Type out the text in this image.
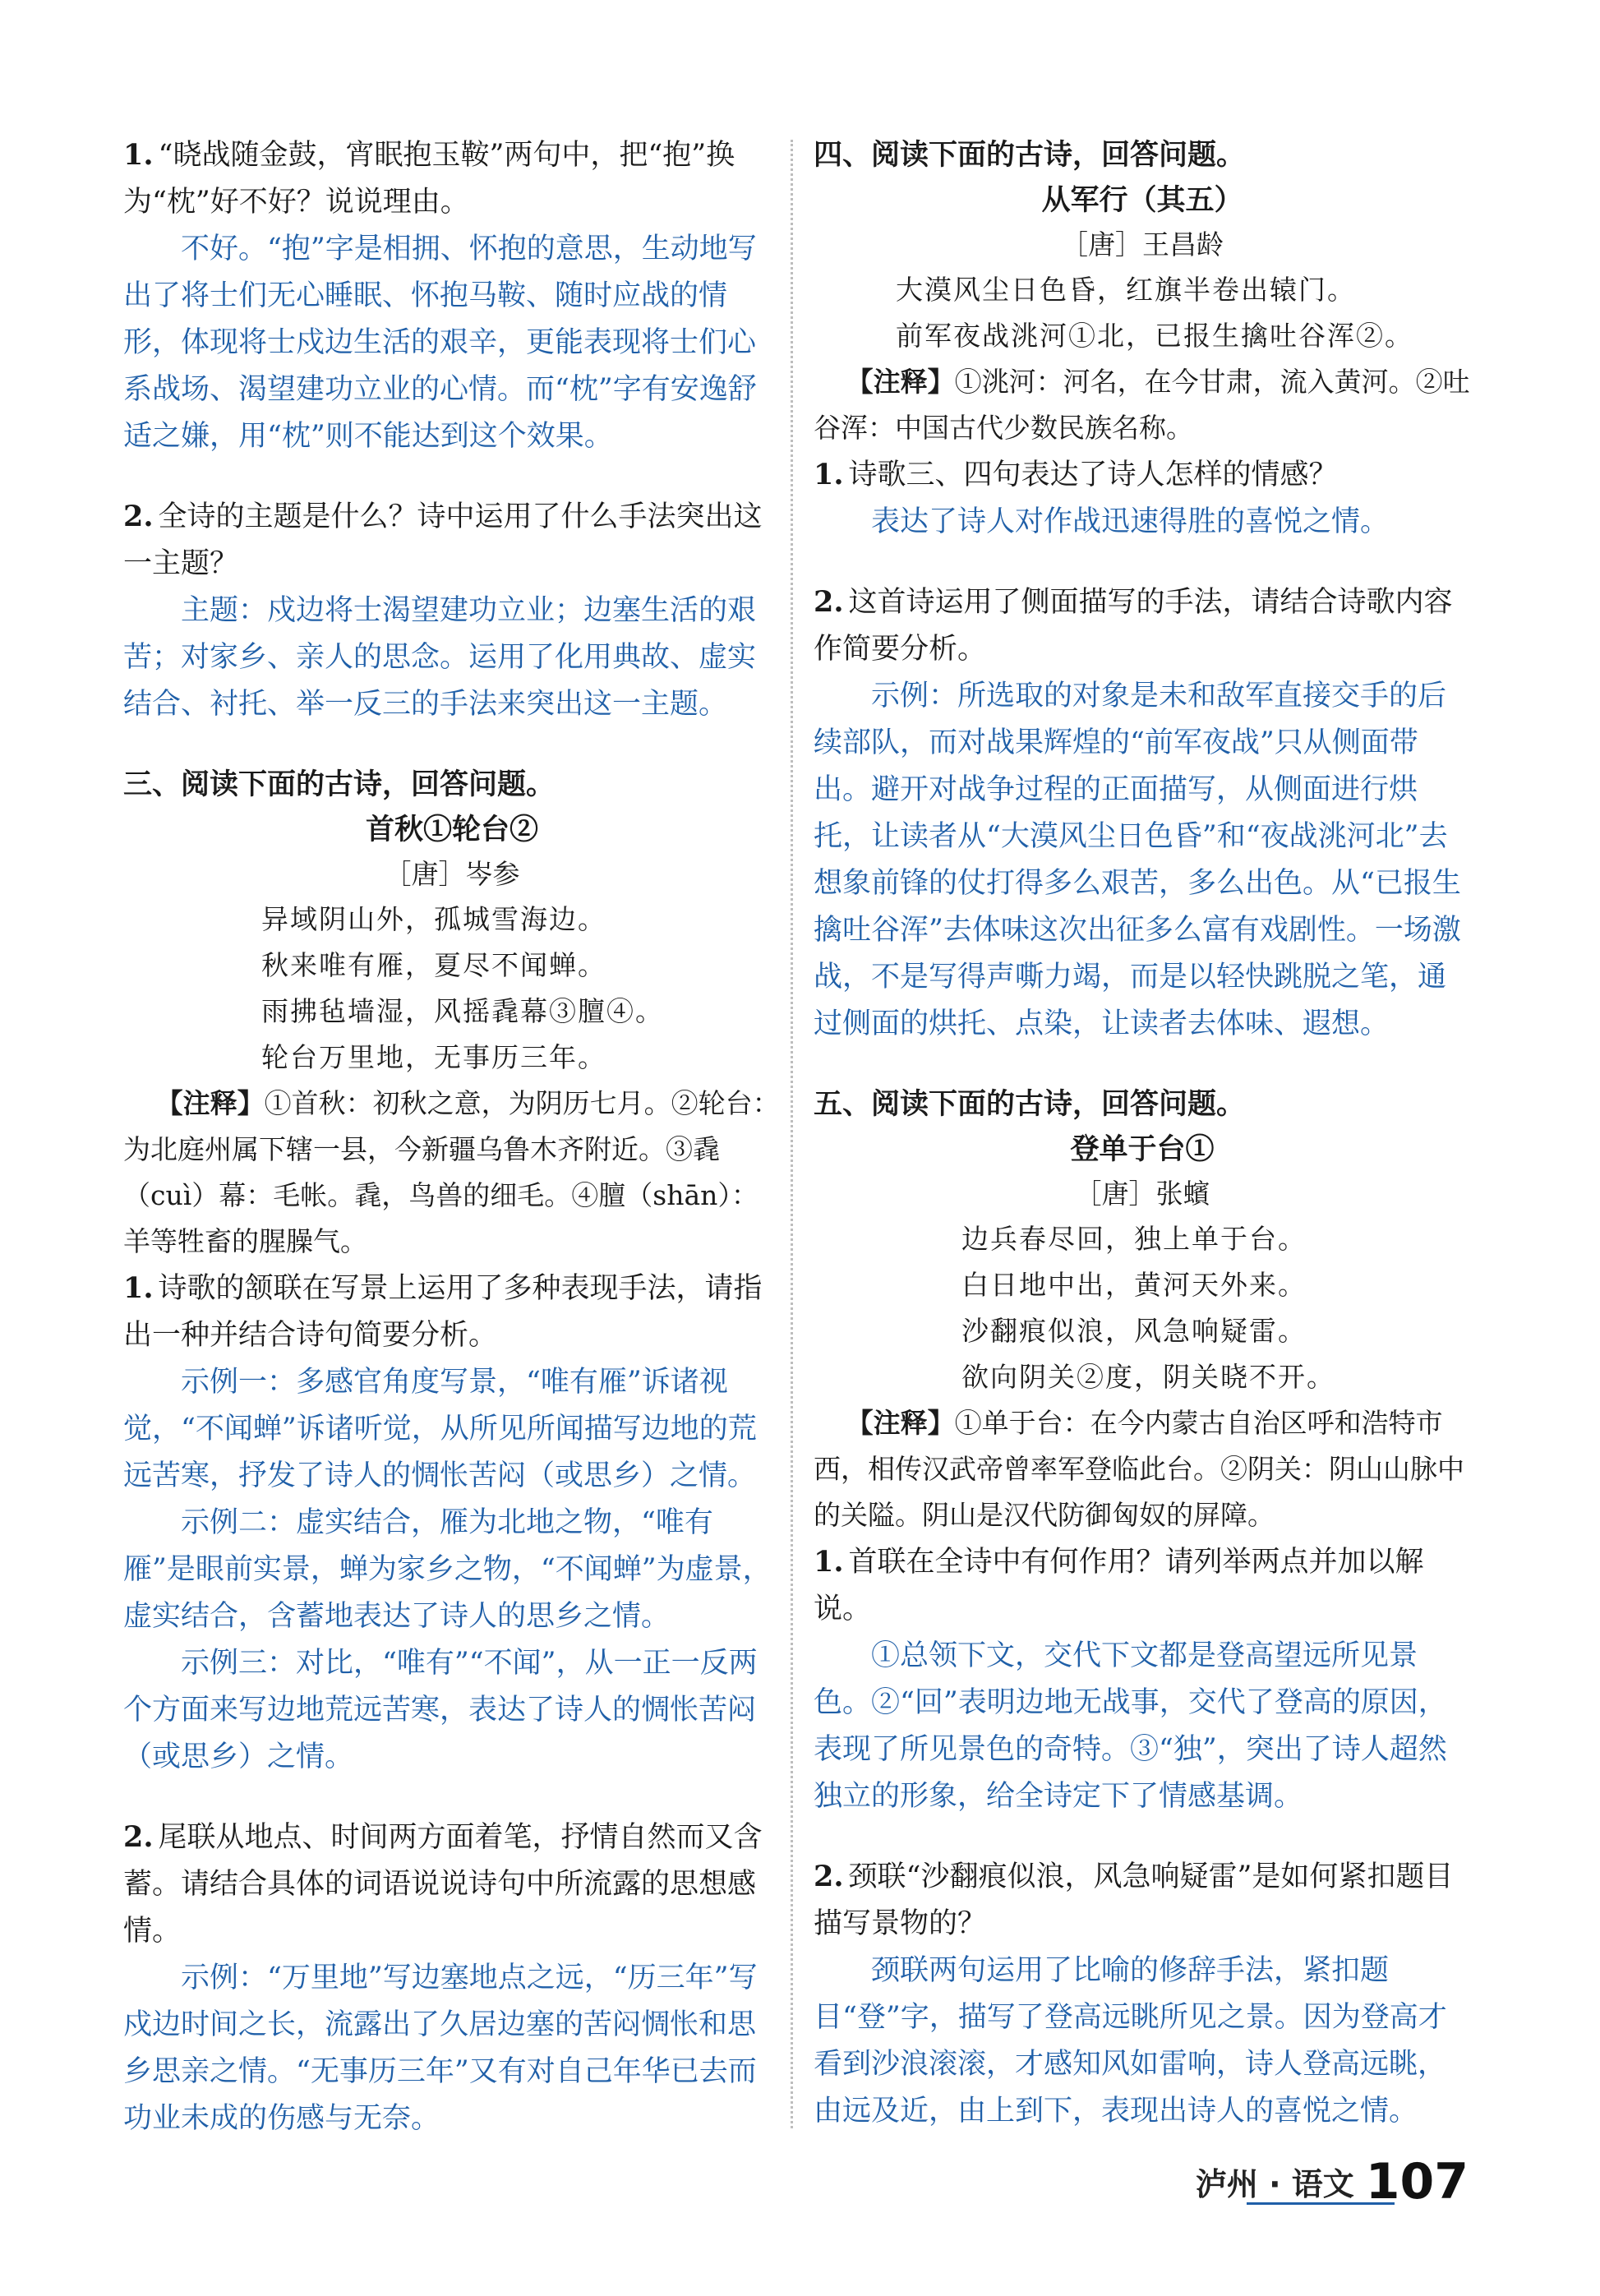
1. “晓战随金鼓，宵眠抱玉鞍”两句中，把“抱”换为“枕”好不好？说说理由。

不好。“抱”字是相拥、怀抱的意思，生动地写出了将士们无心睡眠、怀抱马鞍、随时应战的情形，体现将士戍边生活的艰辛，更能表现将士们心系战场、渴望建功立业的心情。而“枕”字有安逸舒适之嫌，用“枕”则不能达到这个效果。

2. 全诗的主题是什么？诗中运用了什么手法突出这一主题？

主题：戍边将士渴望建功立业；边塞生活的艰苦；对家乡、亲人的思念。运用了化用典故、虚实结合、衬托、举一反三的手法来突出这一主题。

三、阅读下面的古诗，回答问题。

首秋①轮台②

［唐］岑参

异域阴山外，孤城雪海边。

秋来唯有雁，夏尽不闻蝉。

雨拂毡墙湿，风摇毳幕③膻④。

轮台万里地，无事历三年。

【注释】①首秋：初秋之意，为阴历七月。②轮台：为北庭州属下辖一县，今新疆乌鲁木齐附近。③毳（cuì）幕：毛帐。毳，鸟兽的细毛。④膻（shān）：羊等牲畜的腥臊气。

1. 诗歌的颔联在写景上运用了多种表现手法，请指出一种并结合诗句简要分析。

示例一：多感官角度写景，“唯有雁”诉诸视觉，“不闻蝉”诉诸听觉，从所见所闻描写边地的荒远苦寒，抒发了诗人的惆怅苦闷（或思乡）之情。

示例二：虚实结合，雁为北地之物，“唯有雁”是眼前实景，蝉为家乡之物，“不闻蝉”为虚景，虚实结合，含蓄地表达了诗人的思乡之情。

示例三：对比，“唯有”“不闻”，从一正一反两个方面来写边地荒远苦寒，表达了诗人的惆怅苦闷（或思乡）之情。

2. 尾联从地点、时间两方面着笔，抒情自然而又含蓄。请结合具体的词语说说诗句中所流露的思想感情。

示例：“万里地”写边塞地点之远，“历三年”写戍边时间之长，流露出了久居边塞的苦闷惆怅和思乡思亲之情。“无事历三年”又有对自己年华已去而功业未成的伤感与无奈。

四、阅读下面的古诗，回答问题。

从军行（其五）

［唐］王昌龄

大漠风尘日色昏，红旗半卷出辕门。

前军夜战洮河①北，已报生擒吐谷浑②。

【注释】①洮河：河名，在今甘肃，流入黄河。②吐谷浑：中国古代少数民族名称。

1. 诗歌三、四句表达了诗人怎样的情感？

表达了诗人对作战迅速得胜的喜悦之情。

2. 这首诗运用了侧面描写的手法，请结合诗歌内容作简要分析。

示例：所选取的对象是未和敌军直接交手的后续部队，而对战果辉煌的“前军夜战”只从侧面带出。避开对战争过程的正面描写，从侧面进行烘托，让读者从“大漠风尘日色昏”和“夜战洮河北”去想象前锋的仗打得多么艰苦，多么出色。从“已报生擒吐谷浑”去体味这次出征多么富有戏剧性。一场激战，不是写得声嘶力竭，而是以轻快跳脱之笔，通过侧面的烘托、点染，让读者去体味、遐想。

五、阅读下面的古诗，回答问题。

登单于台①

［唐］张蠙

边兵春尽回，独上单于台。

白日地中出，黄河天外来。

沙翻痕似浪，风急响疑雷。

欲向阴关②度，阴关晓不开。

【注释】①单于台：在今内蒙古自治区呼和浩特市西，相传汉武帝曾率军登临此台。②阴关：阴山山脉中的关隘。阴山是汉代防御匈奴的屏障。

1. 首联在全诗中有何作用？请列举两点并加以解说。

①总领下文，交代下文都是登高望远所见景色。②“回”表明边地无战事，交代了登高的原因，表现了所见景色的奇特。③“独”，突出了诗人超然独立的形象，给全诗定下了情感基调。

2. 颈联“沙翻痕似浪，风急响疑雷”是如何紧扣题目描写景物的？

颈联两句运用了比喻的修辞手法，紧扣题目“登”字，描写了登高远眺所见之景。因为登高才看到沙浪滚滚，才感知风如雷响，诗人登高远眺，由远及近，由上到下，表现出诗人的喜悦之情。

泸州 · 语文 107
